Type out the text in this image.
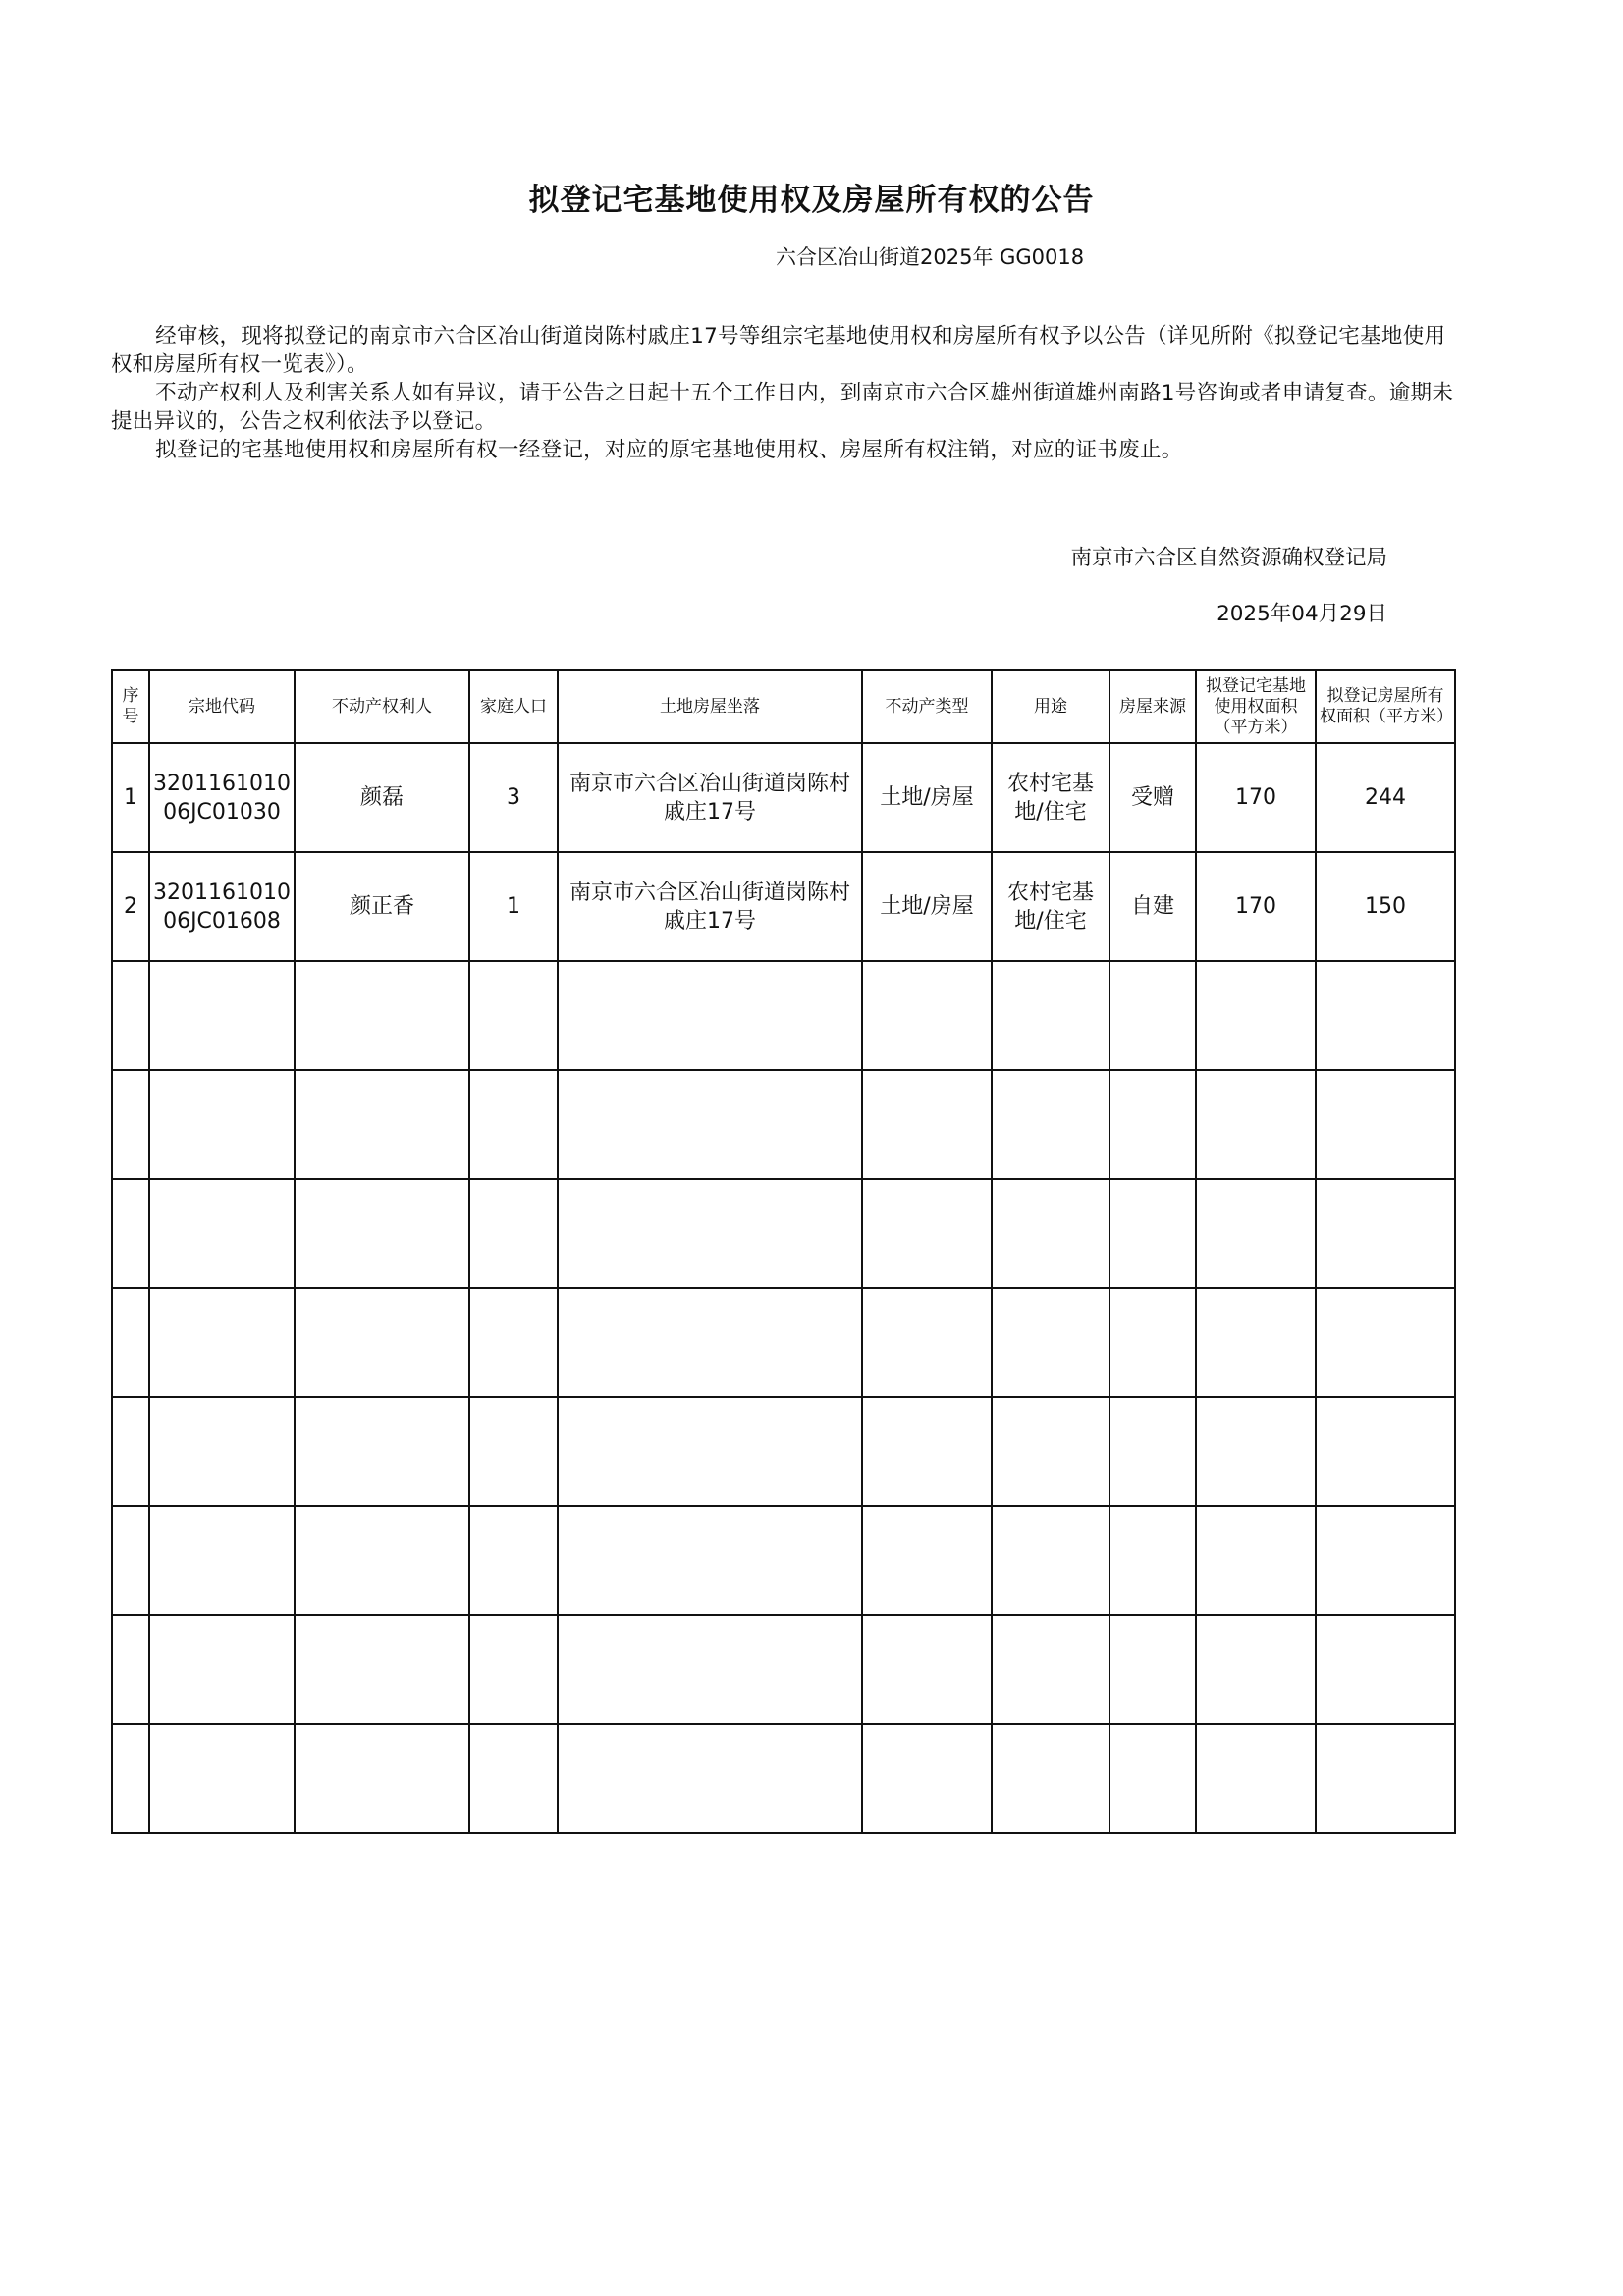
拟登记宅基地使用权及房屋所有权的公告
六合区冶山街道2025年 GG0018

经审核，现将拟登记的南京市六合区冶山街道岗陈村戚庄17号等组宗宅基地使用权和房屋所有权予以公告（详见所附《拟登记宅基地使用权和房屋所有权一览表》）。

不动产权利人及利害关系人如有异议，请于公告之日起十五个工作日内，到南京市六合区雄州街道雄州南路1号咨询或者申请复查。逾期未提出异议的，公告之权利依法予以登记。

拟登记的宅基地使用权和房屋所有权一经登记，对应的原宅基地使用权、房屋所有权注销，对应的证书废止。

南京市六合区自然资源确权登记局
2025年04月29日
序号	宗地代码	不动产权利人	家庭人口	土地房屋坐落	不动产类型	用途	房屋来源	拟登记宅基地使用权面积（平方米）	拟登记房屋所有权面积（平方米）
1	320116101006JC01030	颜磊	3	南京市六合区冶山街道岗陈村戚庄17号	土地/房屋	农村宅基地/住宅	受赠	170	244
2	320116101006JC01608	颜正香	1	南京市六合区冶山街道岗陈村戚庄17号	土地/房屋	农村宅基地/住宅	自建	170	150
